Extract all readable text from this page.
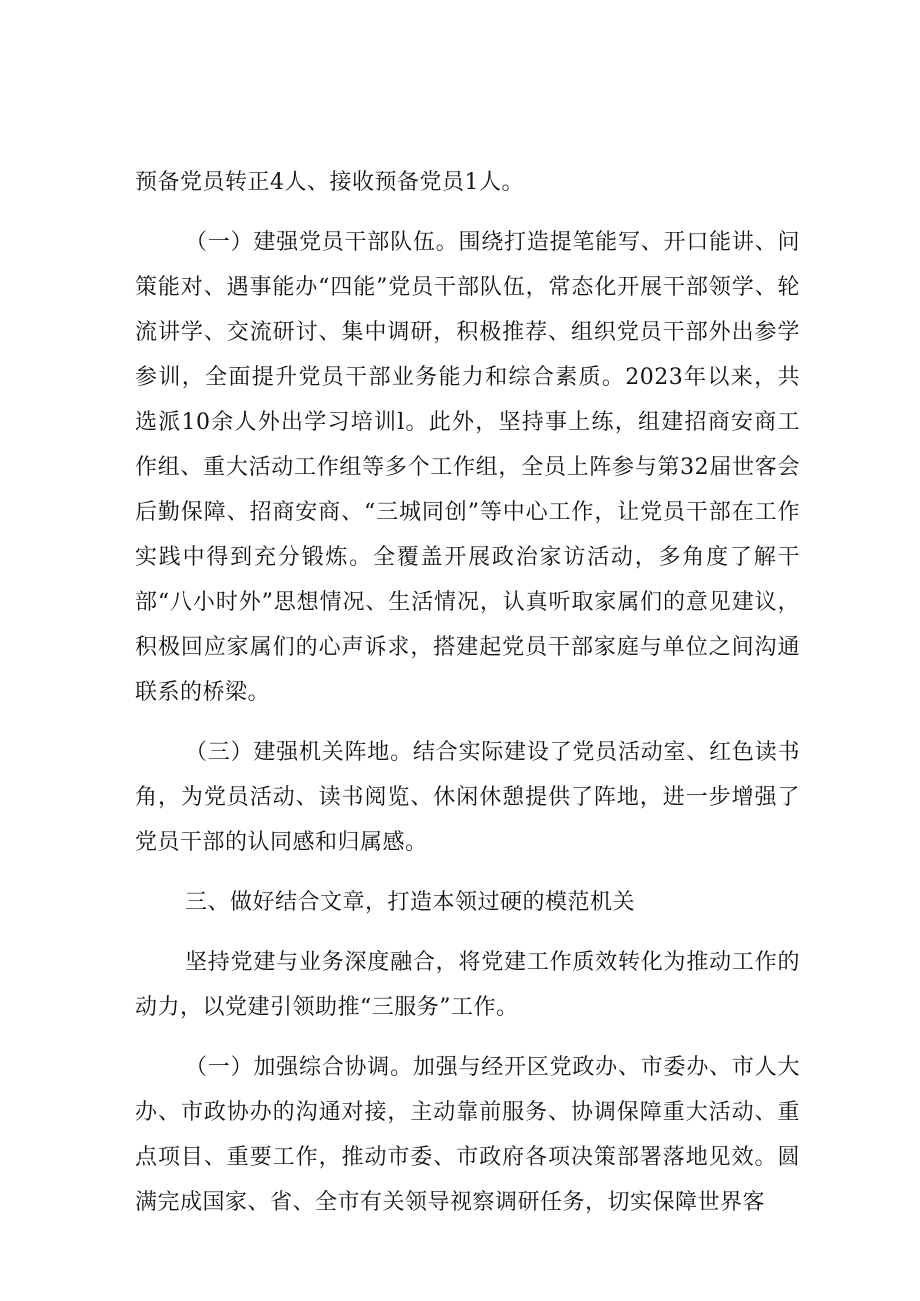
预备党员转正4人、接收预备党员1人。

（一）建强党员干部队伍。围绕打造提笔能写、开口能讲、问策能对、遇事能办“四能”党员干部队伍，常态化开展干部领学、轮流讲学、交流研讨、集中调研，积极推荐、组织党员干部外出参学参训，全面提升党员干部业务能力和综合素质。2023年以来，共选派10余人外出学习培训l。此外，坚持事上练，组建招商安商工作组、重大活动工作组等多个工作组，全员上阵参与第32届世客会后勤保障、招商安商、“三城同创”等中心工作，让党员干部在工作实践中得到充分锻炼。全覆盖开展政治家访活动，多角度了解干部“八小时外”思想情况、生活情况，认真听取家属们的意见建议，积极回应家属们的心声诉求，搭建起党员干部家庭与单位之间沟通联系的桥梁。

（三）建强机关阵地。结合实际建设了党员活动室、红色读书角，为党员活动、读书阅览、休闲休憩提供了阵地，进一步增强了党员干部的认同感和归属感。

三、做好结合文章，打造本领过硬的模范机关

坚持党建与业务深度融合，将党建工作质效转化为推动工作的动力，以党建引领助推“三服务”工作。

（一）加强综合协调。加强与经开区党政办、市委办、市人大办、市政协办的沟通对接，主动靠前服务、协调保障重大活动、重点项目、重要工作，推动市委、市政府各项决策部署落地见效。圆满完成国家、省、全市有关领导视察调研任务，切实保障世界客
